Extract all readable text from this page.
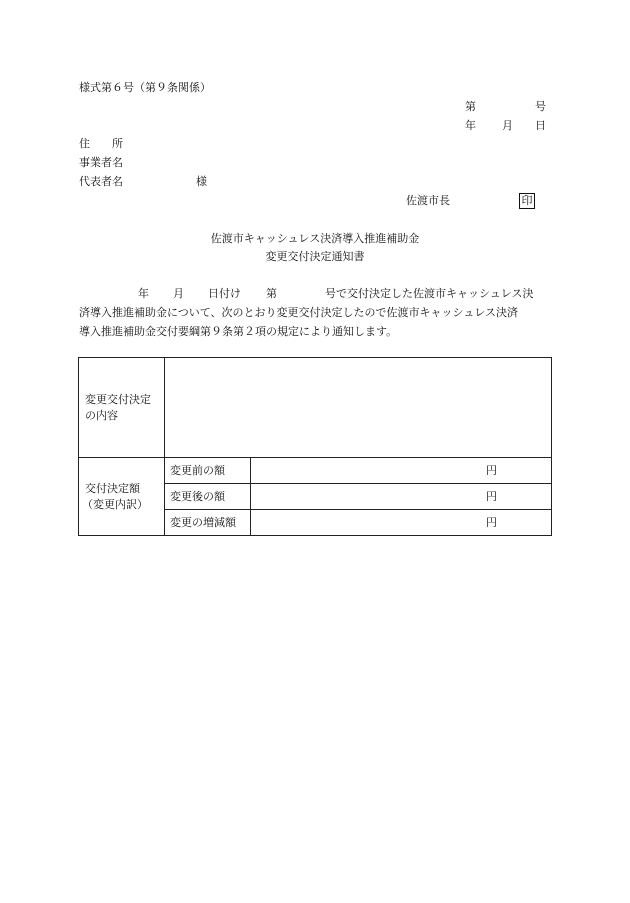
様式第６号（第９条関係）
第	号
年 月 日
住　　所
事業者名
代表者名	様
佐渡市長	印
佐渡市キャッシュレス決済導入推進補助金
変更交付決定通知書
年 月 日付け 第	号で交付決定した佐渡市キャッシュレス決
済導入推進補助金について、次のとおり変更交付決定したので佐渡市キャッシュレス決済
導入推進補助金交付要綱第９条第２項の規定により通知します。
変更交付決定
の内容		

交付決定額
（変更内訳）	変更前の額	円

	変更後の額	円

	変更の増減額	円
